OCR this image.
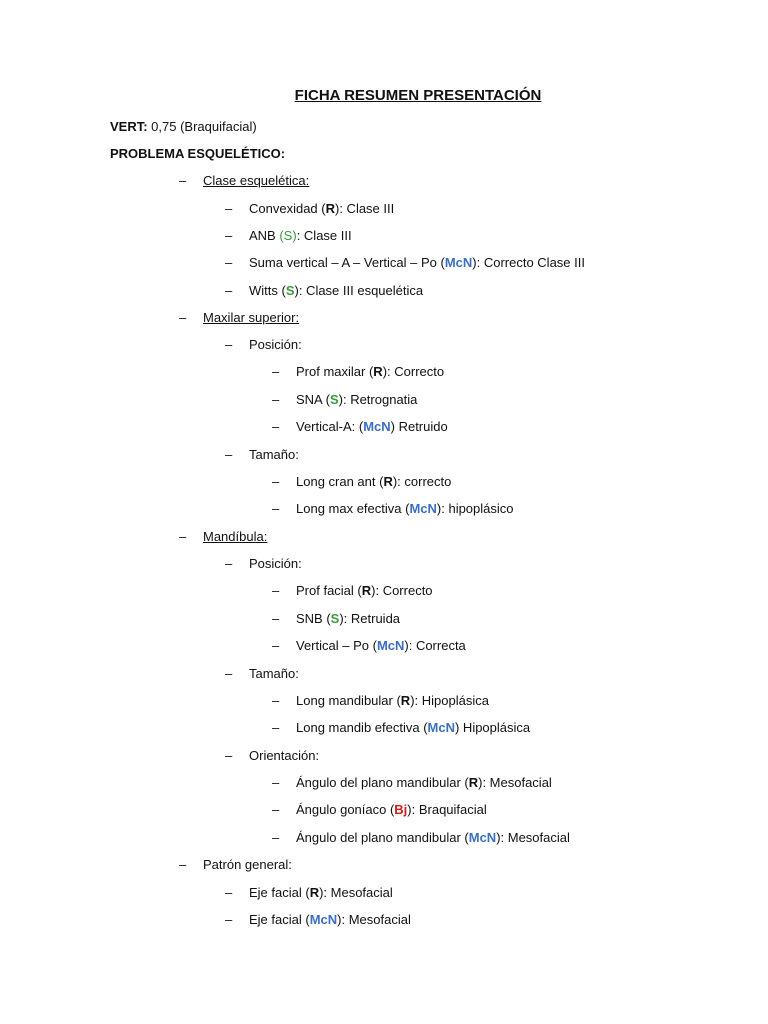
FICHA RESUMEN PRESENTACIÓN
VERT: 0,75 (Braquifacial)
PROBLEMA ESQUELÉTICO:
–	Clase esquelética:
–	Convexidad (R): Clase III
–	ANB (S): Clase III
–	Suma vertical – A – Vertical – Po (McN): Correcto Clase III
–	Witts (S): Clase III esquelética
–	Maxilar superior:
–	Posición:
–	Prof maxilar (R): Correcto
–	SNA (S): Retrognatia
–	Vertical-A: (McN) Retruido
–	Tamaño:
–	Long cran ant (R): correcto
–	Long max efectiva (McN): hipoplásico
–	Mandíbula:
–	Posición:
–	Prof facial (R): Correcto
–	SNB (S): Retruida
–	Vertical – Po (McN): Correcta
–	Tamaño:
–	Long mandibular (R): Hipoplásica
–	Long mandib efectiva (McN) Hipoplásica
–	Orientación:
–	Ángulo del plano mandibular (R): Mesofacial
–	Ángulo goníaco (Bj): Braquifacial
–	Ángulo del plano mandibular (McN): Mesofacial
–	Patrón general:
–	Eje facial (R): Mesofacial
–	Eje facial (McN): Mesofacial
